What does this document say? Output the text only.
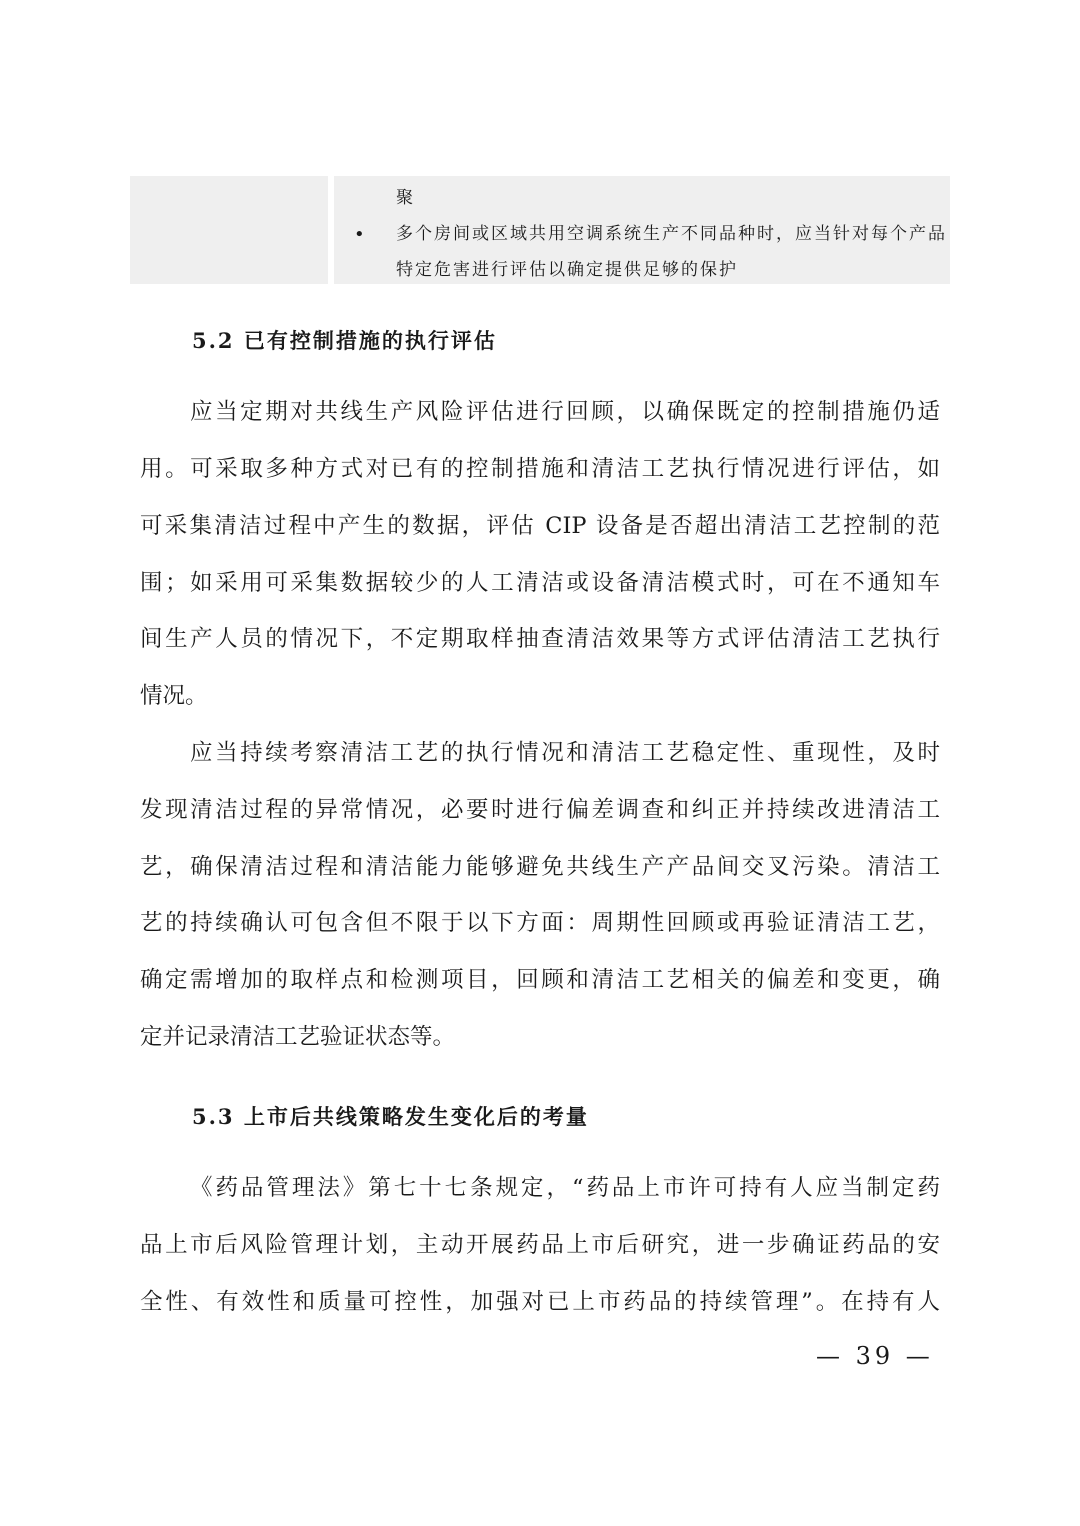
聚
• 多个房间或区域共用空调系统生产不同品种时，应当针对每个产品
特定危害进行评估以确定提供足够的保护
5.2 已有控制措施的执行评估
应当定期对共线生产风险评估进行回顾，以确保既定的控制措施仍适
用。可采取多种方式对已有的控制措施和清洁工艺执行情况进行评估，如
可采集清洁过程中产生的数据，评估 CIP 设备是否超出清洁工艺控制的范
围；如采用可采集数据较少的人工清洁或设备清洁模式时，可在不通知车
间生产人员的情况下，不定期取样抽查清洁效果等方式评估清洁工艺执行
情况。
应当持续考察清洁工艺的执行情况和清洁工艺稳定性、重现性，及时
发现清洁过程的异常情况，必要时进行偏差调查和纠正并持续改进清洁工
艺，确保清洁过程和清洁能力能够避免共线生产产品间交叉污染。清洁工
艺的持续确认可包含但不限于以下方面：周期性回顾或再验证清洁工艺，
确定需增加的取样点和检测项目，回顾和清洁工艺相关的偏差和变更，确
定并记录清洁工艺验证状态等。
5.3 上市后共线策略发生变化后的考量
《药品管理法》第七十七条规定，“药品上市许可持有人应当制定药
品上市后风险管理计划，主动开展药品上市后研究，进一步确证药品的安
全性、有效性和质量可控性，加强对已上市药品的持续管理”。在持有人
— 39 —
